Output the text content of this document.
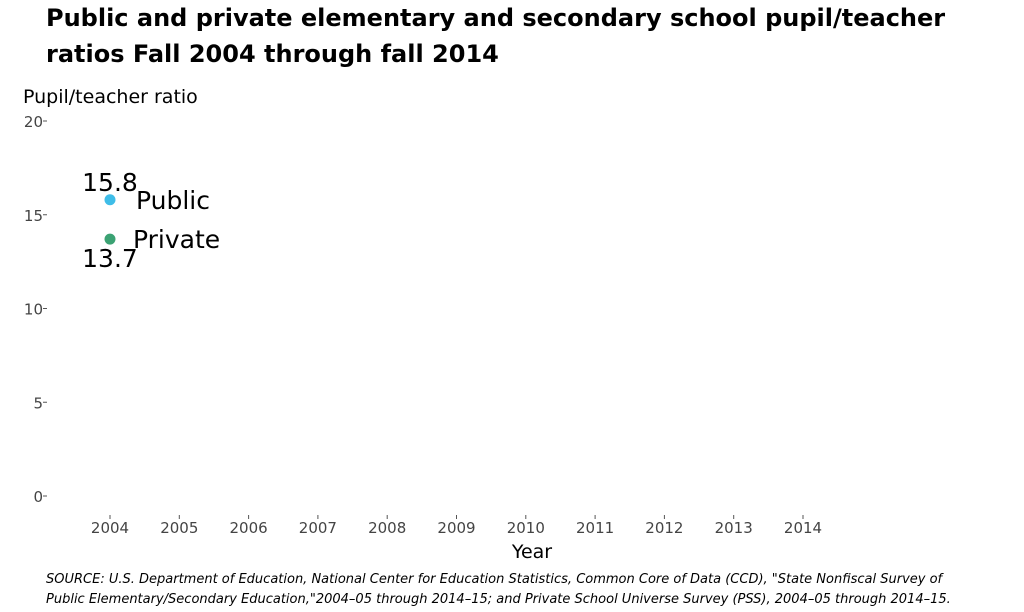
Public and private elementary and secondary school pupil/teacher
ratios Fall 2004 through fall 2014
Pupil/teacher ratio
0
5
10
15
20
2004 2005 2006 2007 2008 2009 2010 2011 2012 2013 2014
Year
15.8
Public
13.7
Private
SOURCE: U.S. Department of Education, National Center for Education Statistics, Common Core of Data (CCD), "State Nonfiscal Survey of
Public Elementary/Secondary Education,"2004–05 through 2014–15; and Private School Universe Survey (PSS), 2004–05 through 2014–15.
